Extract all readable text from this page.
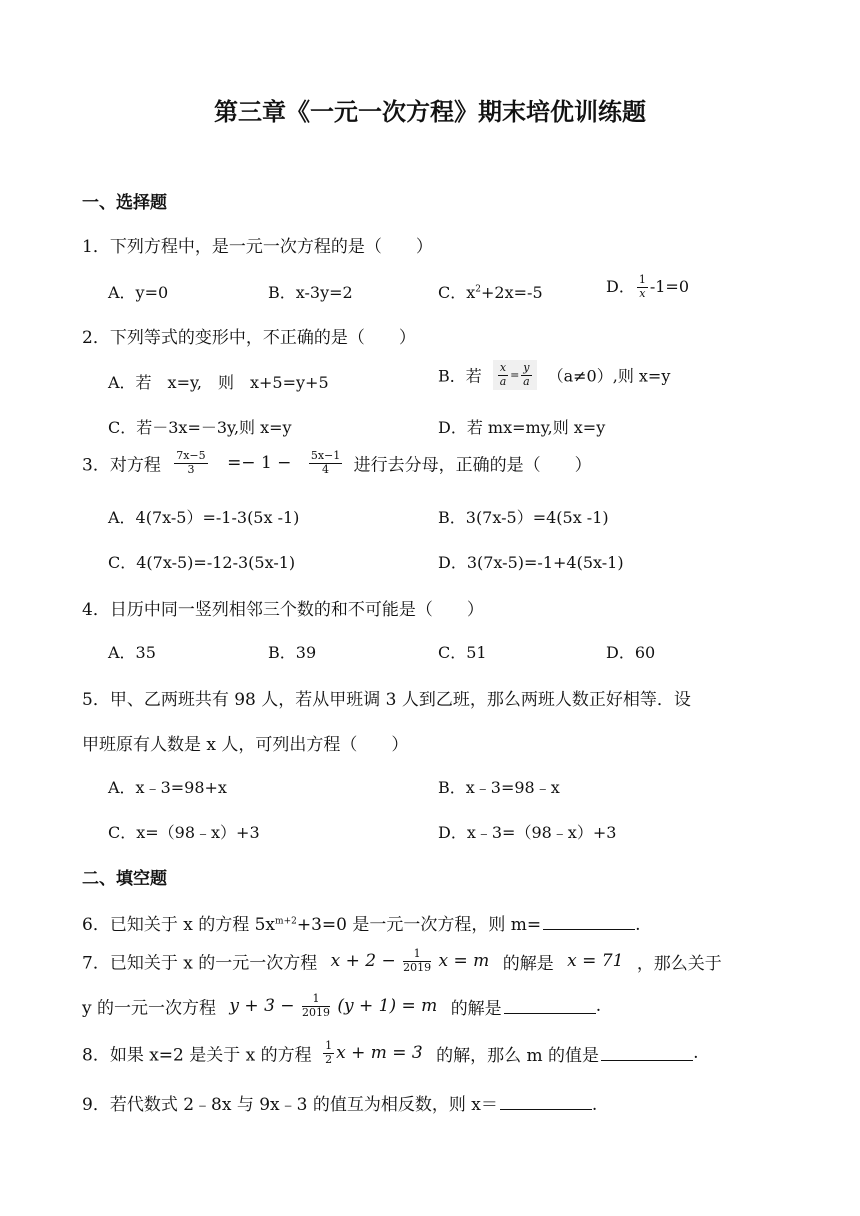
第三章《一元一次方程》期末培优训练题
一、选择题
1．下列方程中，是一元一次方程的是（　　）
A．y=0	B．x-3y=2	C．$x^2+2x=-5$	D． $\frac{1}{x} -1=0$
2．下列等式的变形中，不正确的是（　　）
A．若　x=y,　则　x+5=y+5	B．若 $\frac{x}{a} = \frac{y}{a} (a\ne 0)$,则 x=y
C．若－3x=－3y,则 x=y	D．若 mx=my,则 x=y
3．对方程 $\frac{7x-5}{3} =- 1 - \frac{5x-1}{4}$ 进行去分母，正确的是（　　）
A．4(7x-5）=-1-3(5x -1)	B．3(7x-5）=4(5x -1)
C．4(7x-5)=-12-3(5x-1)	D．3(7x-5)=-1+4(5x-1)
4．日历中同一竖列相邻三个数的和不可能是（　　）
A．35	B．39	C．51	D．60
5．甲、乙两班共有 98 人，若从甲班调 3 人到乙班，那么两班人数正好相等．设
甲班原有人数是 x 人，可列出方程（　　）
A．x﹣3=98+x	B．x﹣3=98﹣x
C．x=（98﹣x）+3	D．x﹣3=（98﹣x）+3
二、填空题
6．已知关于 x 的方程 $5x^{m+2}+3=0$ 是一元一次方程，则 m=	.
7．已知关于 x 的一元一次方程 $x + 2 - \frac{1}{2019}$ x = m 的解是 x = 71 ，那么关于
y 的一元一次方程 $y + 3 - \frac{1}{2019} (y + 1) = m$ 的解是	.
8．如果 x=2 是关于 x 的方程 $\frac{1}{2}$ x + m = 3 的解，那么 m 的值是	.
9．若代数式 2﹣8x 与 9x﹣3 的值互为相反数，则 x＝	.
